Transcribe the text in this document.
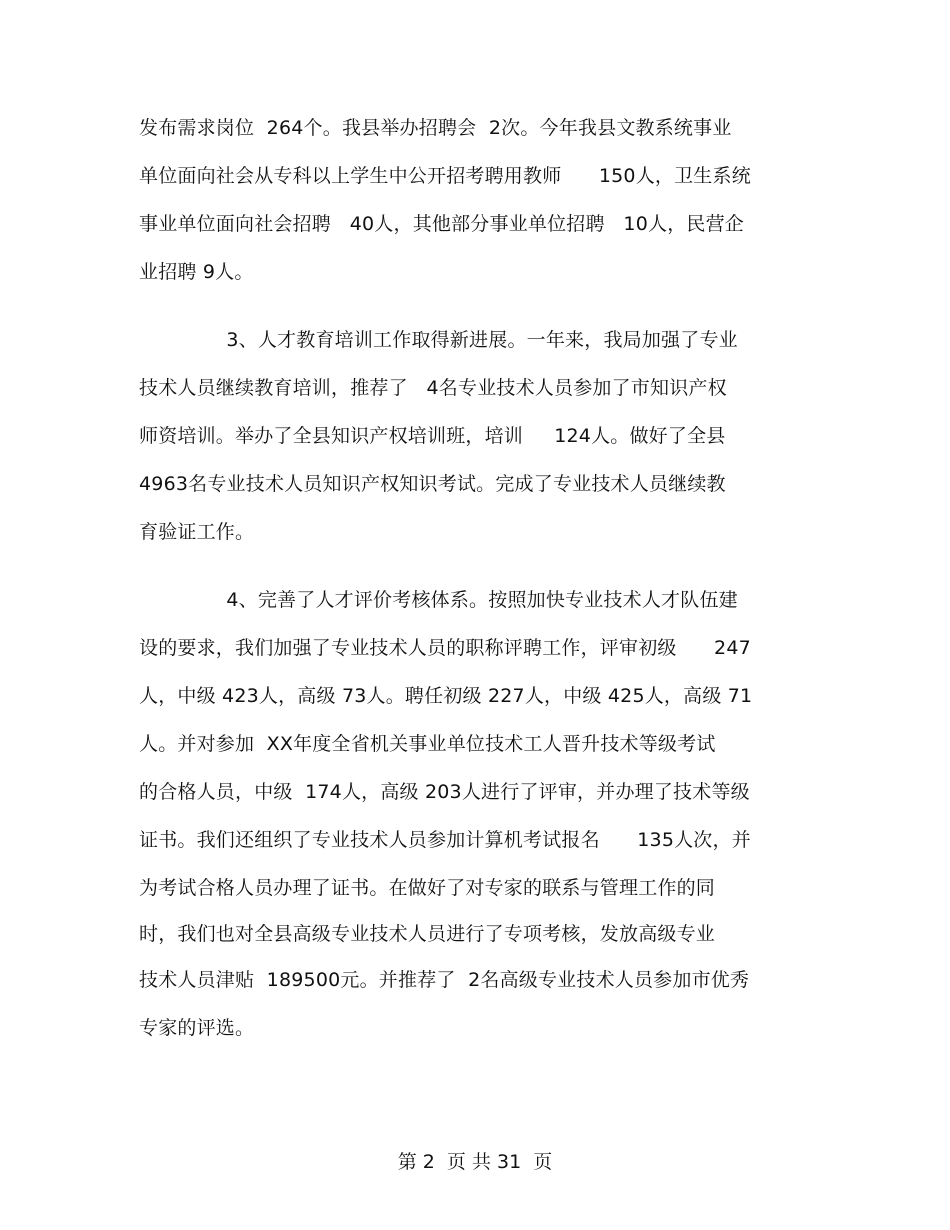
发布需求岗位  264个。我县举办招聘会  2次。今年我县文教系统事业
单位面向社会从专科以上学生中公开招考聘用教师      150人，卫生系统
事业单位面向社会招聘   40人，其他部分事业单位招聘   10人，民营企
业招聘 9人。
3、人才教育培训工作取得新进展。一年来，我局加强了专业
技术人员继续教育培训，推荐了   4名专业技术人员参加了市知识产权
师资培训。举办了全县知识产权培训班，培训     124人。做好了全县
4963名专业技术人员知识产权知识考试。完成了专业技术人员继续教
育验证工作。
4、完善了人才评价考核体系。按照加快专业技术人才队伍建
设的要求，我们加强了专业技术人员的职称评聘工作，评审初级      247
人，中级 423人，高级 73人。聘任初级 227人，中级 425人，高级 71
人。并对参加  XX年度全省机关事业单位技术工人晋升技术等级考试
的合格人员，中级  174人，高级 203人进行了评审，并办理了技术等级
证书。我们还组织了专业技术人员参加计算机考试报名      135人次，并
为考试合格人员办理了证书。在做好了对专家的联系与管理工作的同
时，我们也对全县高级专业技术人员进行了专项考核，发放高级专业
技术人员津贴  189500元。并推荐了  2名高级专业技术人员参加市优秀
专家的评选。
第 2  页 共 31  页
